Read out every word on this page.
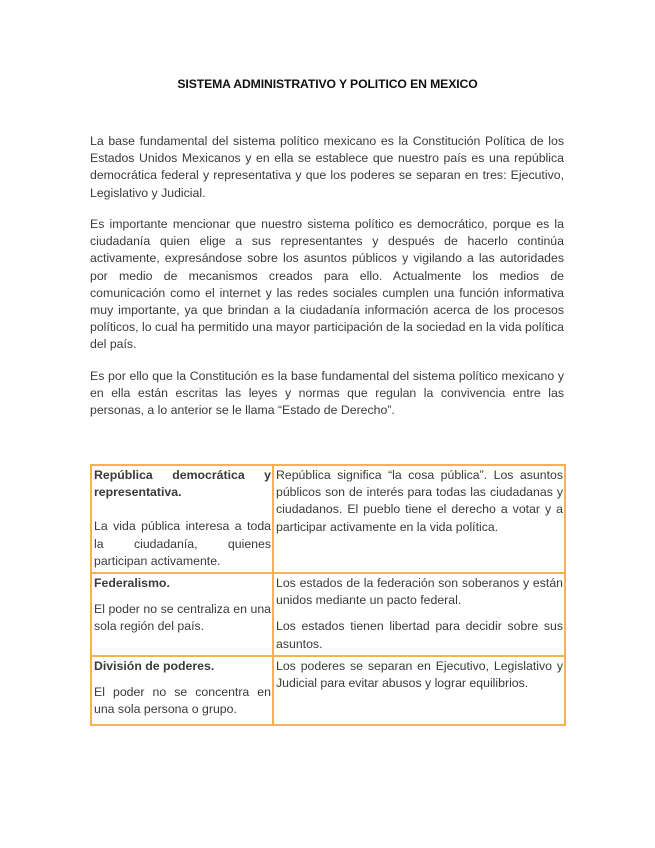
SISTEMA ADMINISTRATIVO Y POLITICO EN MEXICO

La base fundamental del sistema político mexicano es la Constitución Política de los Estados Unidos Mexicanos y en ella se establece que nuestro país es una república democrática federal y representativa y que los poderes se separan en tres: Ejecutivo, Legislativo y Judicial.

Es importante mencionar que nuestro sistema político es democrático, porque es la ciudadanía quien elige a sus representantes y después de hacerlo continúa activamente, expresándose sobre los asuntos públicos y vigilando a las autoridades por medio de mecanismos creados para ello. Actualmente los medios de comunicación como el internet y las redes sociales cumplen una función informativa muy importante, ya que brindan a la ciudadanía información acerca de los procesos políticos, lo cual ha permitido una mayor participación de la sociedad en la vida política del país.

Es por ello que la Constitución es la base fundamental del sistema político mexicano y en ella están escritas las leyes y normas que regulan la convivencia entre las personas, a lo anterior se le llama “Estado de Derecho”.

República democrática y representativa.
La vida pública interesa a toda la ciudadanía, quienes participan activamente.	República significa “la cosa pública”. Los asuntos públicos son de interés para todas las ciudadanas y ciudadanos. El pueblo tiene el derecho a votar y a participar activamente en la vida política.

Federalismo.
El poder no se centraliza en una sola región del país.	Los estados de la federación son soberanos y están unidos mediante un pacto federal.
Los estados tienen libertad para decidir sobre sus asuntos.

División de poderes.
El poder no se concentra en una sola persona o grupo.	Los poderes se separan en Ejecutivo, Legislativo y Judicial para evitar abusos y lograr equilibrios.
